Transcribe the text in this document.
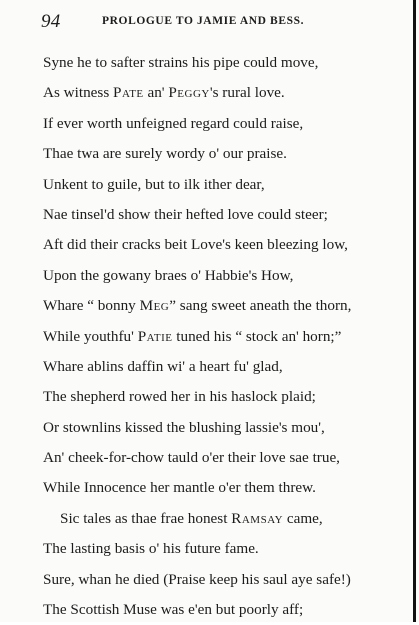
94	PROLOGUE TO JAMIE AND BESS.
Syne he to safter strains his pipe could move,
As witness Pate an' Peggy's rural love.
If ever worth unfeigned regard could raise,
Thae twa are surely wordy o' our praise.
Unkent to guile, but to ilk ither dear,
Nae tinsel'd show their hefted love could steer;
Aft did their cracks beit Love's keen bleezing low,
Upon the gowany braes o' Habbie's How,
Whare “ bonny Meg” sang sweet aneath the thorn,
While youthfu' Patie tuned his “ stock an' horn;”
Whare ablins daffin wi' a heart fu' glad,
The shepherd rowed her in his haslock plaid;
Or stownlins kissed the blushing lassie's mou',
An' cheek-for-chow tauld o'er their love sae true,
While Innocence her mantle o'er them threw.
Sic tales as thae frae honest Ramsay came,
The lasting basis o' his future fame.
Sure, whan he died (Praise keep his saul aye safe!)
The Scottish Muse was e'en but poorly aff;
